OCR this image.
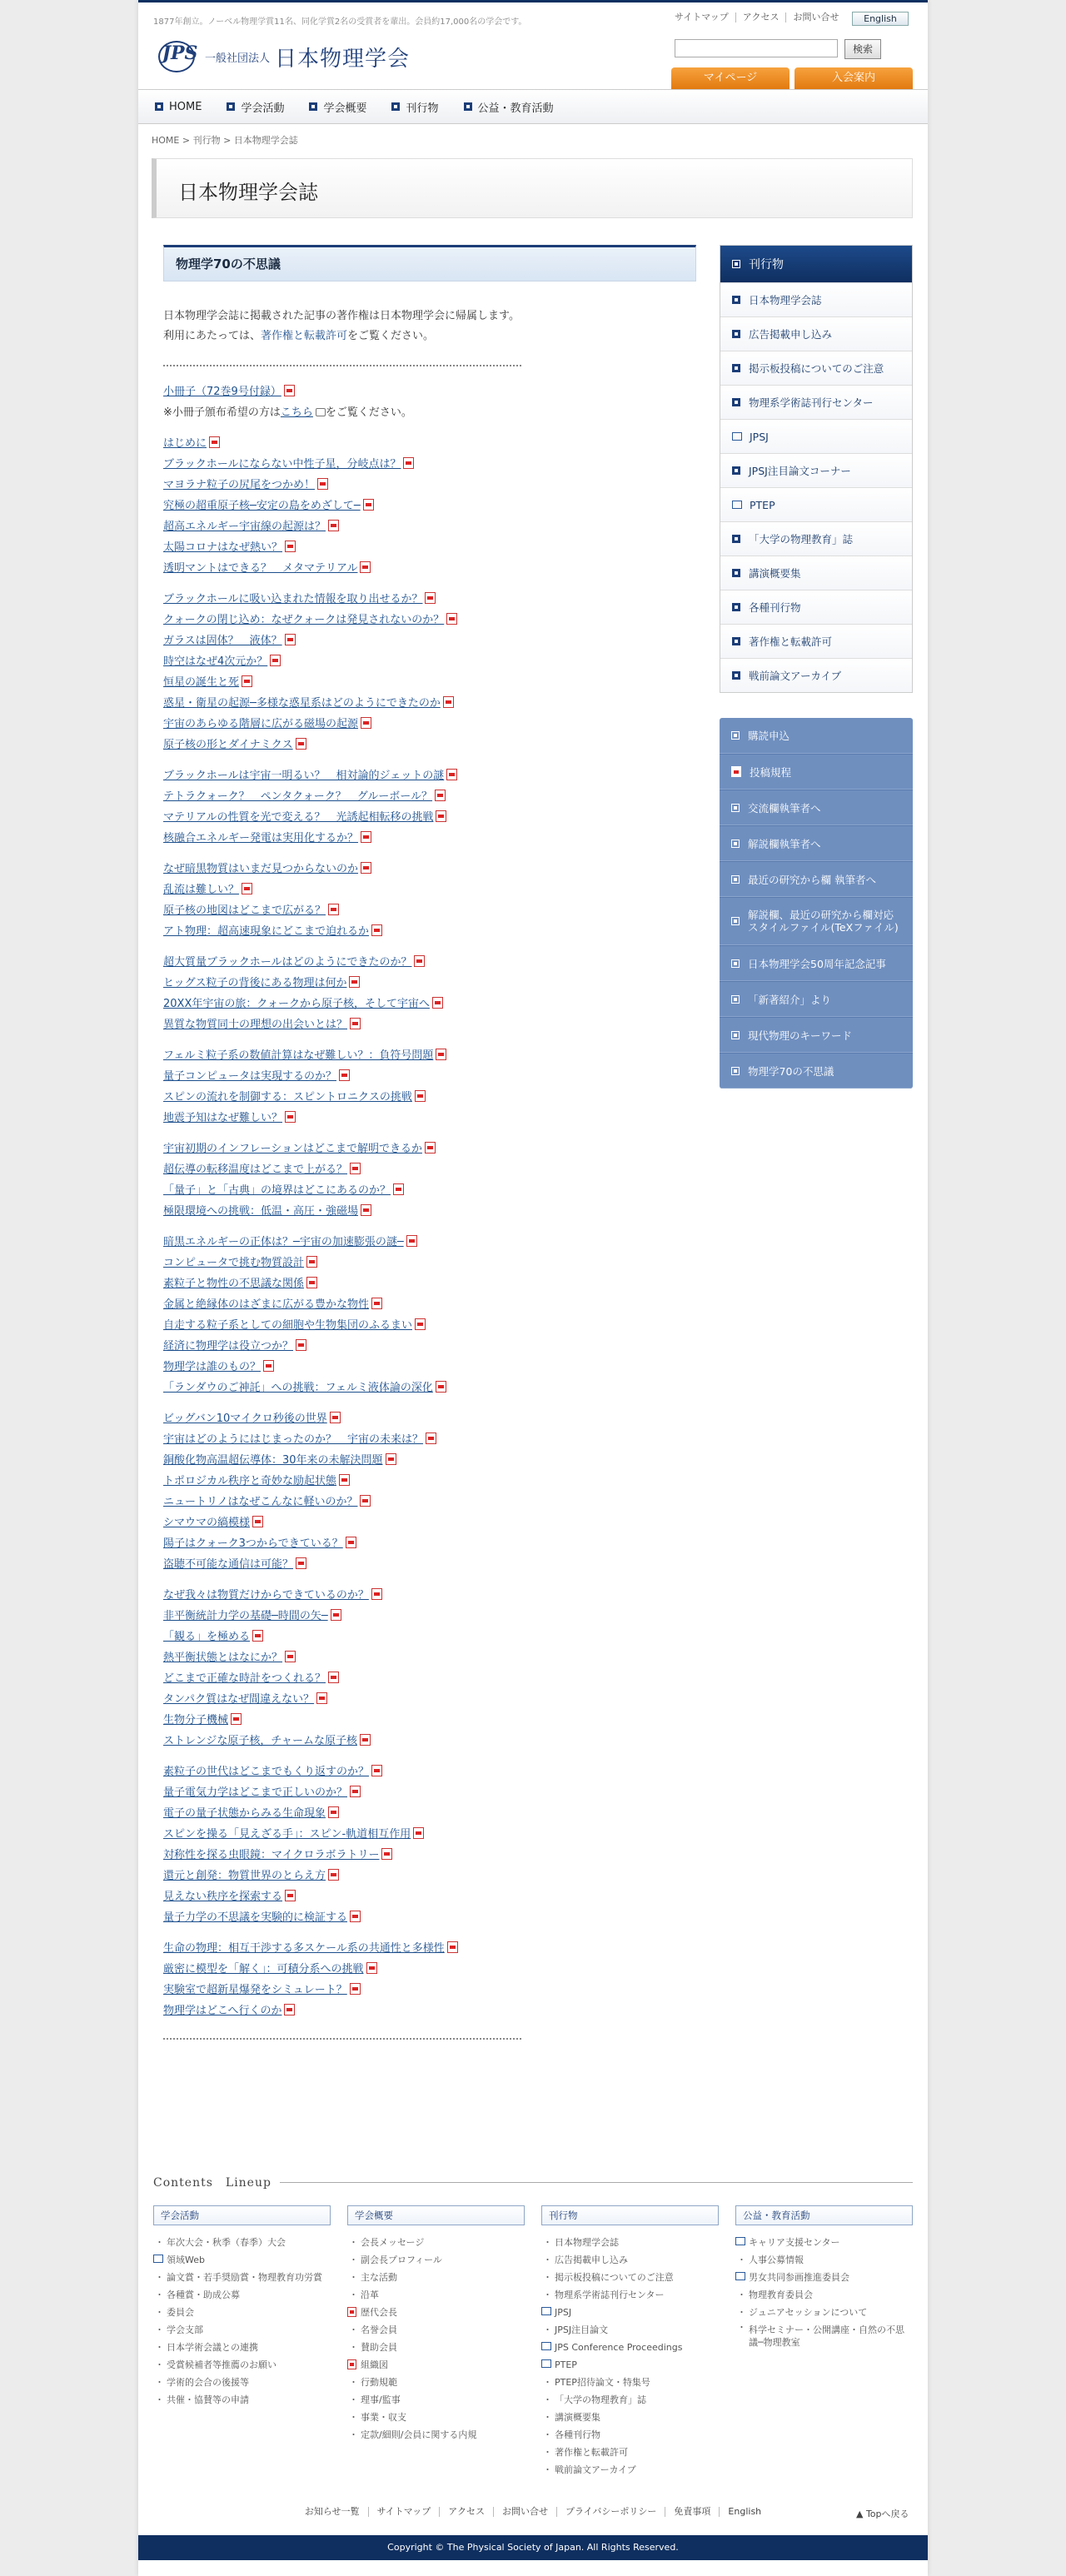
1877年創立。ノーベル物理学賞11名、同化学賞2名の受賞者を輩出。会員約17,000名の学会です。	サイトマップ	アクセス	お問い合せ	English
JPS 一般社団法人 日本物理学会	検索
マイページ	入会案内
HOME	学会活動	学会概要	刊行物	公益・教育活動
HOME > 刊行物 > 日本物理学会誌
日本物理学会誌
物理学70の不思議
日本物理学会誌に掲載された記事の著作権は日本物理学会に帰属します。
利用にあたっては、著作権と転載許可をご覧ください。
小冊子（72巻9号付録）
※小冊子頒布希望の方はこちら をご覧ください。
はじめに
ブラックホールにならない中性子星，分岐点は？
マヨラナ粒子の尻尾をつかめ！
究極の超重原子核─安定の島をめざして─
超高エネルギー宇宙線の起源は？
太陽コロナはなぜ熱い？
透明マントはできる？　メタマテリアル
ブラックホールに吸い込まれた情報を取り出せるか？
クォークの閉じ込め：なぜクォークは発見されないのか？
ガラスは固体？　液体？
時空はなぜ4次元か？
恒星の誕生と死
惑星・衛星の起源─多様な惑星系はどのようにできたのか
宇宙のあらゆる階層に広がる磁場の起源
原子核の形とダイナミクス
ブラックホールは宇宙一明るい？　相対論的ジェットの謎
テトラクォーク？　ペンタクォーク？　グルーボール？
マテリアルの性質を光で変える？　光誘起相転移の挑戦
核融合エネルギー発電は実用化するか？
なぜ暗黒物質はいまだ見つからないのか
乱流は難しい？
原子核の地図はどこまで広がる？
アト物理：超高速現象にどこまで迫れるか
超大質量ブラックホールはどのようにできたのか？
ヒッグス粒子の背後にある物理は何か
20XX年宇宙の旅：クォークから原子核，そして宇宙へ
異質な物質同士の理想の出会いとは？
フェルミ粒子系の数値計算はなぜ難しい？：負符号問題
量子コンピュータは実現するのか？
スピンの流れを制御する：スピントロニクスの挑戦
地震予知はなぜ難しい？
宇宙初期のインフレーションはどこまで解明できるか
超伝導の転移温度はどこまで上がる？
「量子」と「古典」の境界はどこにあるのか？
極限環境への挑戦：低温・高圧・強磁場
暗黒エネルギーの正体は？─宇宙の加速膨張の謎─
コンピュータで挑む物質設計
素粒子と物性の不思議な関係
金属と絶縁体のはざまに広がる豊かな物性
自走する粒子系としての細胞や生物集団のふるまい
経済に物理学は役立つか？
物理学は誰のもの？
「ランダウのご神託」への挑戦：フェルミ液体論の深化
ビッグバン10マイクロ秒後の世界
宇宙はどのようにはじまったのか？　宇宙の未来は？
銅酸化物高温超伝導体：30年来の未解決問題
トポロジカル秩序と奇妙な励起状態
ニュートリノはなぜこんなに軽いのか？
シマウマの縞模様
陽子はクォーク3つからできている？
盗聴不可能な通信は可能？
なぜ我々は物質だけからできているのか？
非平衡統計力学の基礎─時間の矢─
「観る」を極める
熱平衡状態とはなにか？
どこまで正確な時計をつくれる？
タンパク質はなぜ間違えない？
生物分子機械
ストレンジな原子核，チャームな原子核
素粒子の世代はどこまでもくり返すのか？
量子電気力学はどこまで正しいのか？
電子の量子状態からみる生命現象
スピンを操る「見えざる手」：スピン-軌道相互作用
対称性を探る虫眼鏡：マイクロラボラトリー
還元と創発：物質世界のとらえ方
見えない秩序を探索する
量子力学の不思議を実験的に検証する
生命の物理：相互干渉する多スケール系の共通性と多様性
厳密に模型を「解く」：可積分系への挑戦
実験室で超新星爆発をシミュレート？
物理学はどこへ行くのか
刊行物
日本物理学会誌
広告掲載申し込み
掲示板投稿についてのご注意
物理系学術誌刊行センター
JPSJ
JPSJ注目論文コーナー
PTEP
「大学の物理教育」誌
講演概要集
各種刊行物
著作権と転載許可
戦前論文アーカイブ
購読申込
投稿規程
交流欄執筆者へ
解説欄執筆者へ
最近の研究から欄 執筆者へ
解説欄、最近の研究から欄対応
スタイルファイル(TeXファイル)
日本物理学会50周年記念記事
「新著紹介」より
現代物理のキーワード
物理学70の不思議
Contents　Lineup
学会活動
・ 年次大会・秋季（春季）大会
領域Web
・ 論文賞・若手奨励賞・物理教育功労賞
・ 各種賞・助成公募
・ 委員会
・ 学会支部
・ 日本学術会議との連携
・ 受賞候補者等推薦のお願い
・ 学術的会合の後援等
・ 共催・協賛等の申請
学会概要
・ 会長メッセージ
・ 副会長プロフィール
・ 主な活動
・ 沿革
歴代会長
・ 名誉会員
・ 賛助会員
組織図
・ 行動規範
・ 理事/監事
・ 事業・収支
・ 定款/細則/会員に関する内規
刊行物
・ 日本物理学会誌
・ 広告掲載申し込み
・ 掲示板投稿についてのご注意
・ 物理系学術誌刊行センター
JPSJ
・ JPSJ注目論文
JPS Conference Proceedings
PTEP
・ PTEP招待論文・特集号
・ 「大学の物理教育」誌
・ 講演概要集
・ 各種刊行物
・ 著作権と転載許可
・ 戦前論文アーカイブ
公益・教育活動
キャリア支援センター
・ 人事公募情報
男女共同参画推進委員会
・ 物理教育委員会
・ ジュニアセッションについて
・ 科学セミナー・公開講座・自然の不思議─物理教室
お知らせ一覧	サイトマップ	アクセス	お問い合せ	プライバシーポリシー	免責事項	English	▲ Topへ戻る
Copyright © The Physical Society of Japan. All Rights Reserved.
